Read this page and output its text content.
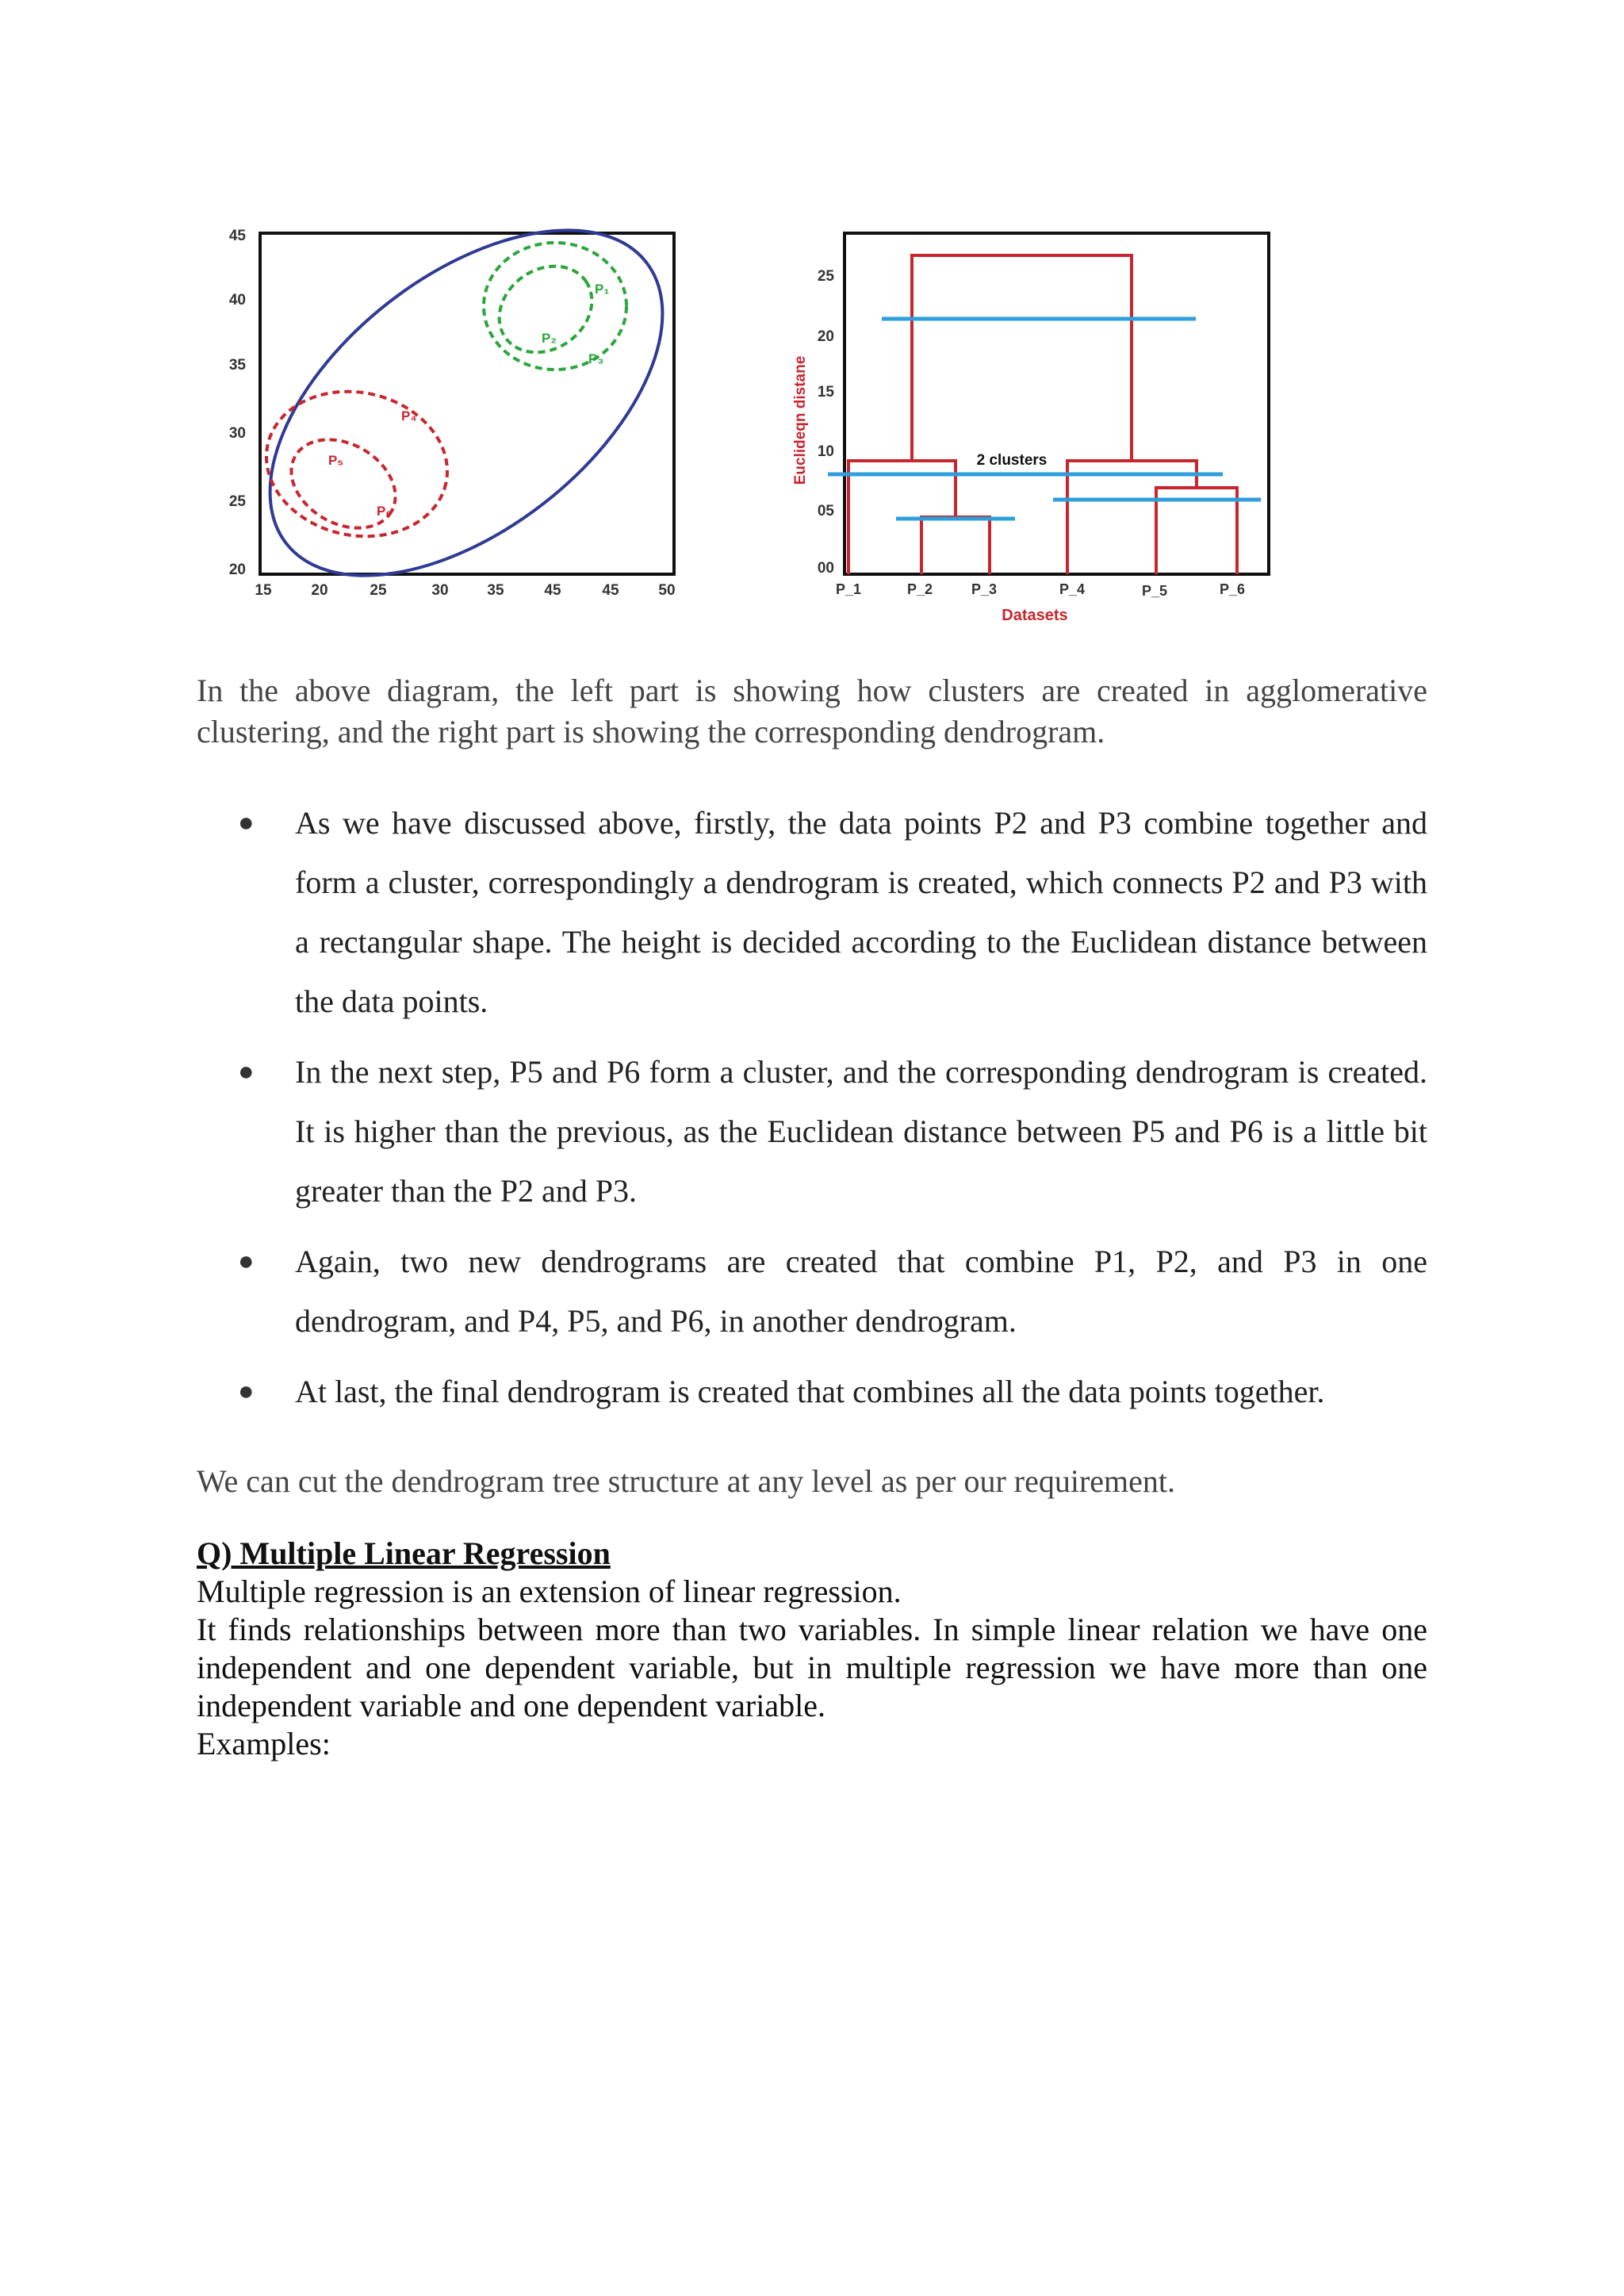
45
40
35
30
25
20
15	20	25	30	35	45	45	50
P₁
P₂
P₃
P₄
P₅
P₆
Euclideqn distane
25
20
15
10
05
00
2 clusters
P_1	P_2	P_3	P_4	P_5	P_6
Datasets

In the above diagram, the left part is showing how clusters are created in agglomerative clustering, and the right part is showing the corresponding dendrogram.

● As we have discussed above, firstly, the data points P2 and P3 combine together and form a cluster, correspondingly a dendrogram is created, which connects P2 and P3 with a rectangular shape. The height is decided according to the Euclidean distance between the data points.
● In the next step, P5 and P6 form a cluster, and the corresponding dendrogram is created. It is higher than the previous, as the Euclidean distance between P5 and P6 is a little bit greater than the P2 and P3.
● Again, two new dendrograms are created that combine P1, P2, and P3 in one dendrogram, and P4, P5, and P6, in another dendrogram.
● At last, the final dendrogram is created that combines all the data points together.

We can cut the dendrogram tree structure at any level as per our requirement.

Q) Multiple Linear Regression

Multiple regression is an extension of linear regression.

It finds relationships between more than two variables. In simple linear relation we have one independent and one dependent variable, but in multiple regression we have more than one independent variable and one dependent variable.

Examples:
